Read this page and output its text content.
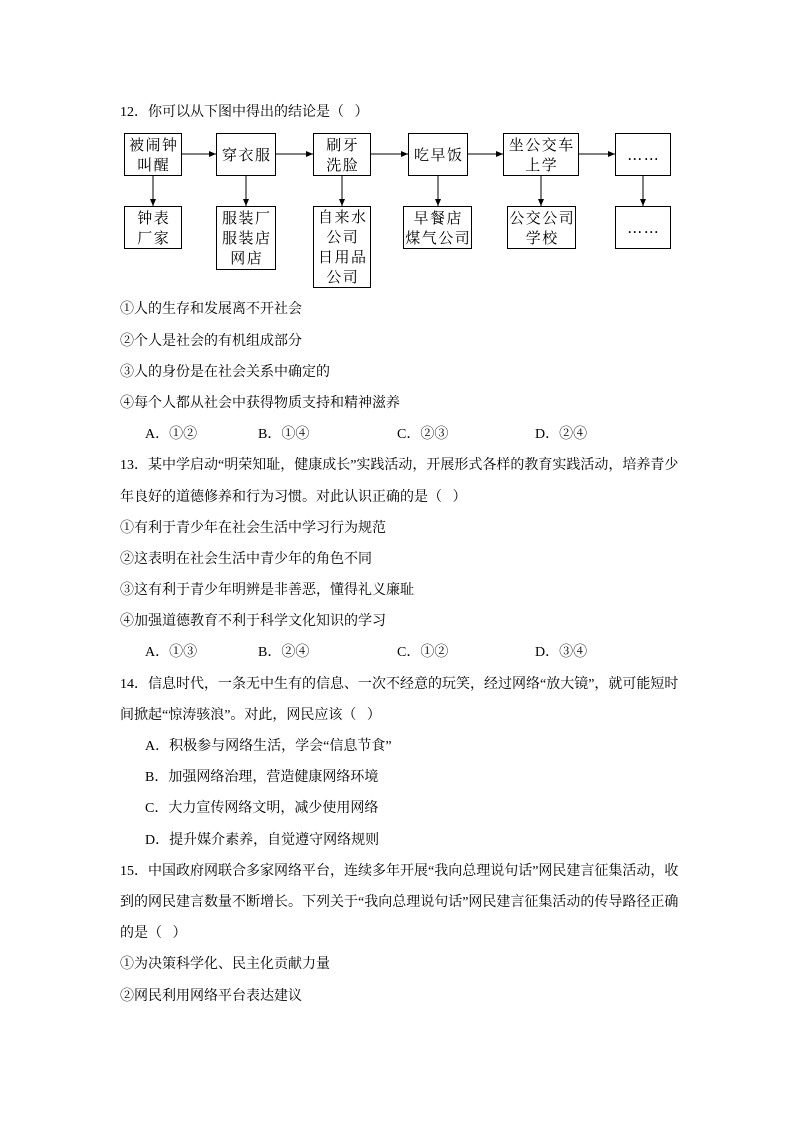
12．你可以从下图中得出的结论是（   ）
被闹钟
叫醒
穿衣服
刷牙
洗脸
吃早饭
坐公交车
上学
……
钟表
厂家
服装厂
服装店
网店
自来水
公司
日用品
公司
早餐店
煤气公司
公交公司
学校
……
①人的生存和发展离不开社会
②个人是社会的有机组成部分
③人的身份是在社会关系中确定的
④每个人都从社会中获得物质支持和精神滋养

A．①②

	B．①④

	C．②③

	D．②④

13．某中学启动“明荣知耻，健康成长”实践活动，开展形式各样的教育实践活动，培养青少
年良好的道德修养和行为习惯。对此认识正确的是（   ）
①有利于青少年在社会生活中学习行为规范
②这表明在社会生活中青少年的角色不同
③这有利于青少年明辨是非善恶，懂得礼义廉耻
④加强道德教育不利于科学文化知识的学习

A．①③

	B．②④

	C．①②

	D．③④

14．信息时代，一条无中生有的信息、一次不经意的玩笑，经过网络“放大镜”，就可能短时
间掀起“惊涛骇浪”。对此，网民应该（   ）
A．积极参与网络生活，学会“信息节食”
B．加强网络治理，营造健康网络环境
C．大力宣传网络文明，减少使用网络
D．提升媒介素养，自觉遵守网络规则
15．中国政府网联合多家网络平台，连续多年开展“我向总理说句话”网民建言征集活动，收
到的网民建言数量不断增长。下列关于“我向总理说句话”网民建言征集活动的传导路径正确
的是（   ）
①为决策科学化、民主化贡献力量
②网民利用网络平台表达建议
